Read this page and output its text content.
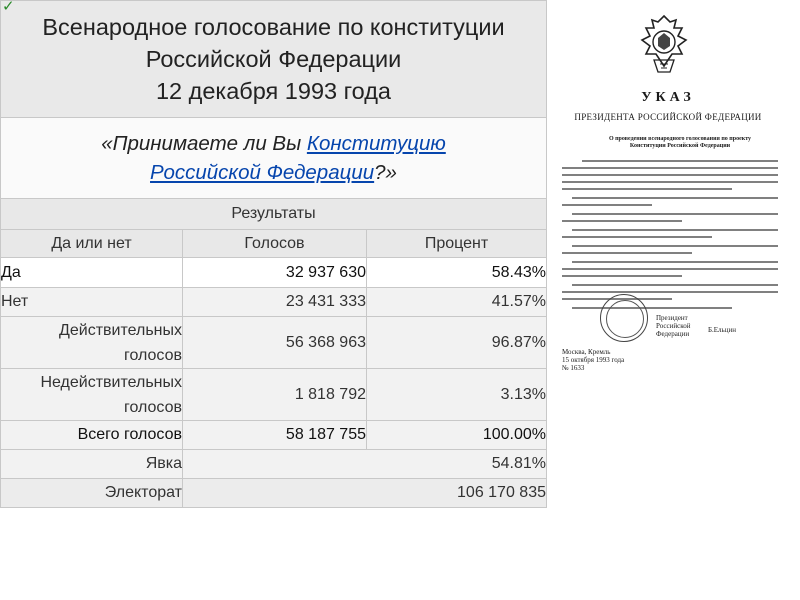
✓
Всенародное голосование по конституции
Российской Федерации
12 декабря 1993 года		

«Принимаете ли Вы Конституцию
Российской Федерации?»		
Результаты		
Да или нет	Голосов	Процент
Да	32 937 630	58.43%
Нет	23 431 333	41.57%
Действительных
голосов	56 368 963	96.87%
Недействительных
голосов	1 818 792	3.13%
Всего голосов	58 187 755	100.00%
Явка	54.81%	
Электорат	106 170 835	
УКАЗ
ПРЕЗИДЕНТА РОССИЙСКОЙ ФЕДЕРАЦИИ
О проведении всенародного голосования по проекту Конституции Российской Федерации
Президент Российской Федерации	Б.Ельцин
Москва, Кремль
15 октября 1993 года
№ 1633
